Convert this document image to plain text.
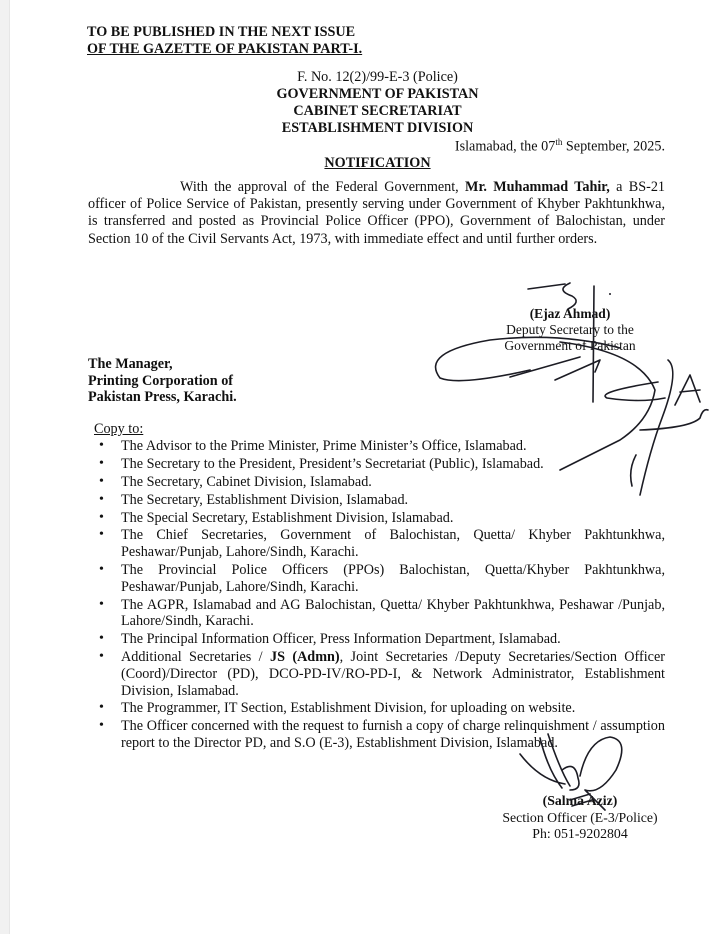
TO BE PUBLISHED IN THE NEXT ISSUE
OF THE GAZETTE OF PAKISTAN PART-I.
F. No. 12(2)/99-E-3 (Police)
GOVERNMENT OF PAKISTAN
CABINET SECRETARIAT
ESTABLISHMENT DIVISION
Islamabad, the 07th September, 2025.
NOTIFICATION

With the approval of the Federal Government, Mr. Muhammad Tahir, a BS-21 officer of Police Service of Pakistan, presently serving under Government of Khyber Pakhtunkhwa, is transferred and posted as Provincial Police Officer (PPO), Government of Balochistan, under Section 10 of the Civil Servants Act, 1973, with immediate effect and until further orders.

(Ejaz Ahmad)
Deputy Secretary to the
Government of Pakistan
The Manager,
Printing Corporation of
Pakistan Press, Karachi.
Copy to:
• The Advisor to the Prime Minister, Prime Minister’s Office, Islamabad.
• The Secretary to the President, President’s Secretariat (Public), Islamabad.
• The Secretary, Cabinet Division, Islamabad.
• The Secretary, Establishment Division, Islamabad.
• The Special Secretary, Establishment Division, Islamabad.
• The Chief Secretaries, Government of Balochistan, Quetta/ Khyber Pakhtunkhwa, Peshawar/Punjab, Lahore/Sindh, Karachi.
• The Provincial Police Officers (PPOs) Balochistan, Quetta/Khyber Pakhtunkhwa, Peshawar/Punjab, Lahore/Sindh, Karachi.
• The AGPR, Islamabad and AG Balochistan, Quetta/ Khyber Pakhtunkhwa, Peshawar /Punjab, Lahore/Sindh, Karachi.
• The Principal Information Officer, Press Information Department, Islamabad.
• Additional Secretaries / JS (Admn), Joint Secretaries /Deputy Secretaries/Section Officer (Coord)/Director (PD), DCO-PD-IV/RO-PD-I, & Network Administrator, Establishment Division, Islamabad.
• The Programmer, IT Section, Establishment Division, for uploading on website.
• The Officer concerned with the request to furnish a copy of charge relinquishment / assumption report to the Director PD, and S.O (E-3), Establishment Division, Islamabad.
(Salma Aziz)
Section Officer (E-3/Police)
Ph: 051-9202804
